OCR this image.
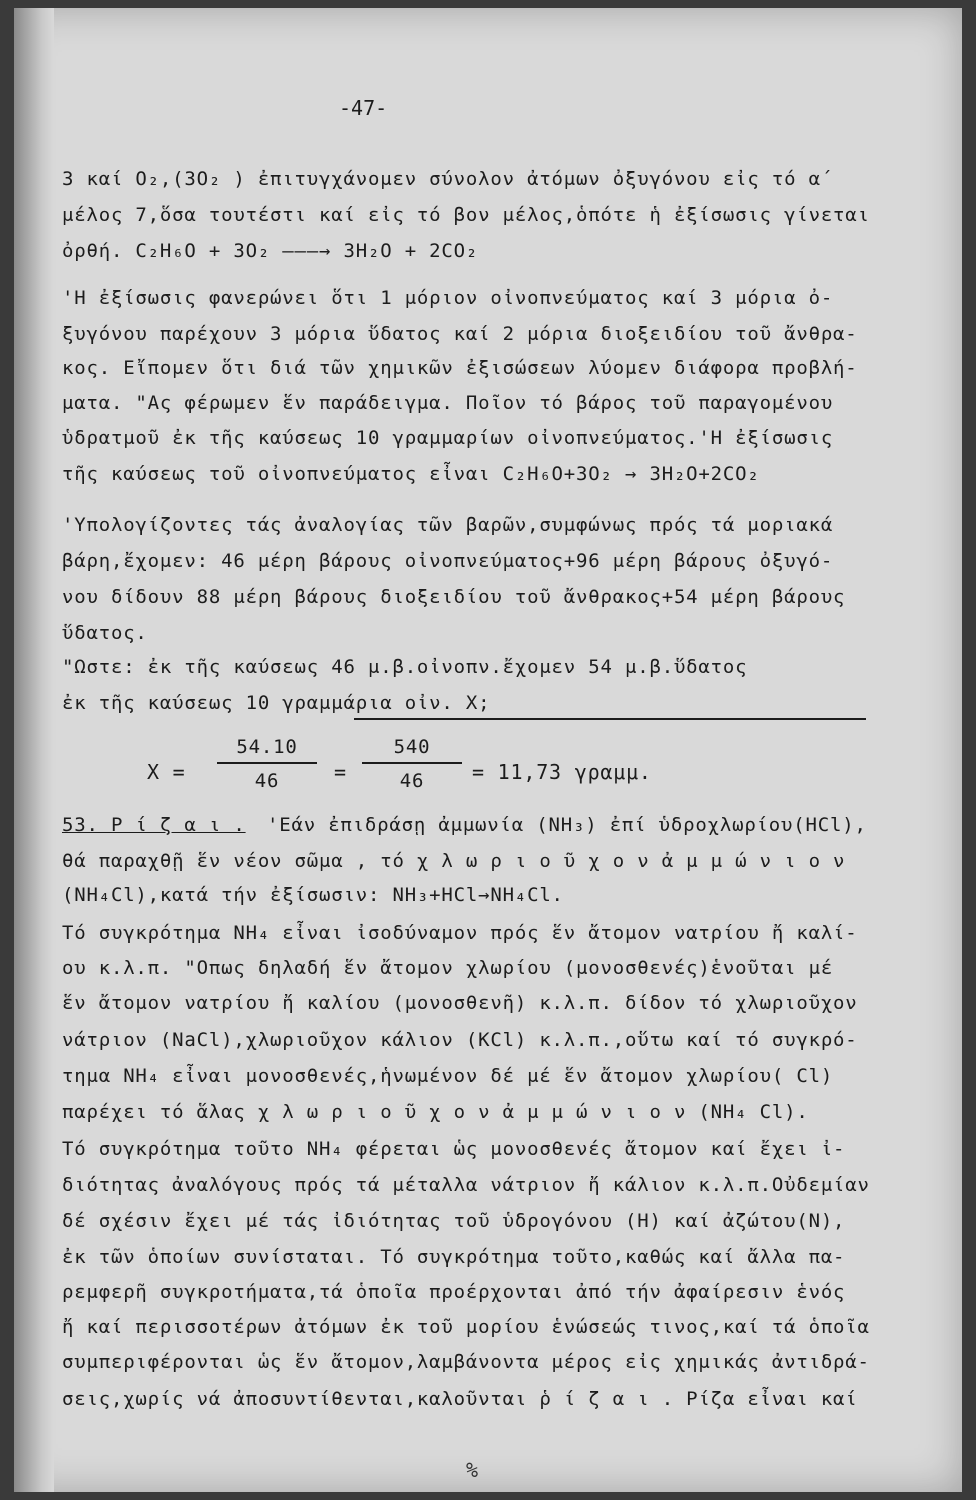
-47-
3 καί O₂,(3O₂ ) ἐπιτυγχάνομεν σύνολον ἀτόμων ὀξυγόνου εἰς τό α΄
μέλος 7,ὅσα τουτέστι καί εἰς τό βον μέλος,ὁπότε ἡ ἐξίσωσις γίνεται
ὀρθή. C₂H₆O + 3O₂ ———→ 3H₂O + 2CO₂
'Η ἐξίσωσις φανερώνει ὅτι 1 μόριον οἰνοπνεύματος καί 3 μόρια ὀ-
ξυγόνου παρέχουν 3 μόρια ὕδατος καί 2 μόρια διοξειδίου τοῦ ἄνθρα-
κος. Εἴπομεν ὅτι διά τῶν χημικῶν ἐξισώσεων λύομεν διάφορα προβλή-
ματα. "Ας φέρωμεν ἕν παράδειγμα. Ποῖον τό βάρος τοῦ παραγομένου
ὑδρατμοῦ ἐκ τῆς καύσεως 10 γραμμαρίων οἰνοπνεύματος.'Η ἐξίσωσις
τῆς καύσεως τοῦ οἰνοπνεύματος εἶναι C₂H₆O+3O₂ → 3H₂O+2CO₂
'Υπολογίζοντες τάς ἀναλογίας τῶν βαρῶν,συμφώνως πρός τά μοριακά
βάρη,ἔχομεν: 46 μέρη βάρους οἰνοπνεύματος+96 μέρη βάρους ὀξυγό-
νου δίδουν 88 μέρη βάρους διοξειδίου τοῦ ἄνθρακος+54 μέρη βάρους
ὕδατος.
"Ωστε: ἐκ τῆς καύσεως 46 μ.β.οἰνοπν.ἔχομεν 54 μ.β.ὕδατος
ἐκ τῆς καύσεως 10 γραμμάρια οἰν. X;
$X = \frac{54.10}{46} = \frac{540}{46} = 11,73$ γραμμ.
53. Ρ ί ζ α ι . 'Εάν ἐπιδράσῃ ἀμμωνία (NH₃) ἐπί ὑδροχλωρίου(HCl),
θά παραχθῇ ἕν νέον σῶμα , τό χ λ ω ρ ι ο ῦ χ ο ν ἀ μ μ ώ ν ι ο ν
(NH₄Cl),κατά τήν ἐξίσωσιν: NH₃+HCl→NH₄Cl.
Τό συγκρότημα NH₄ εἶναι ἰσοδύναμον πρός ἕν ἄτομον νατρίου ἤ καλί-
ου κ.λ.π. "Οπως δηλαδή ἕν ἄτομον χλωρίου (μονοσθενές)ἑνοῦται μέ
ἕν ἄτομον νατρίου ἤ καλίου (μονοσθενῆ) κ.λ.π. δίδον τό χλωριοῦχον
νάτριον (NaCl),χλωριοῦχον κάλιον (KCl) κ.λ.π.,οὕτω καί τό συγκρό-
τημα NH₄ εἶναι μονοσθενές,ἡνωμένον δέ μέ ἕν ἄτομον χλωρίου( Cl)
παρέχει τό ἅλας χ λ ω ρ ι ο ῦ χ ο ν ἀ μ μ ώ ν ι ο ν (NH₄ Cl).
Τό συγκρότημα τοῦτο NH₄ φέρεται ὡς μονοσθενές ἄτομον καί ἔχει ἰ-
διότητας ἀναλόγους πρός τά μέταλλα νάτριον ἤ κάλιον κ.λ.π.Οὐδεμίαν
δέ σχέσιν ἔχει μέ τάς ἰδιότητας τοῦ ὑδρογόνου (H) καί ἀζώτου(N),
ἐκ τῶν ὁποίων συνίσταται. Τό συγκρότημα τοῦτο,καθώς καί ἄλλα πα-
ρεμφερῆ συγκροτήματα,τά ὁποῖα προέρχονται ἀπό τήν ἀφαίρεσιν ἑνός
ἤ καί περισσοτέρων ἀτόμων ἐκ τοῦ μορίου ἑνώσεώς τινος,καί τά ὁποῖα
συμπεριφέρονται ὡς ἕν ἄτομον,λαμβάνοντα μέρος εἰς χημικάς ἀντιδρά-
σεις,χωρίς νά ἀποσυντίθενται,καλοῦνται ῥ ί ζ α ι . Ρίζα εἶναι καί
%
